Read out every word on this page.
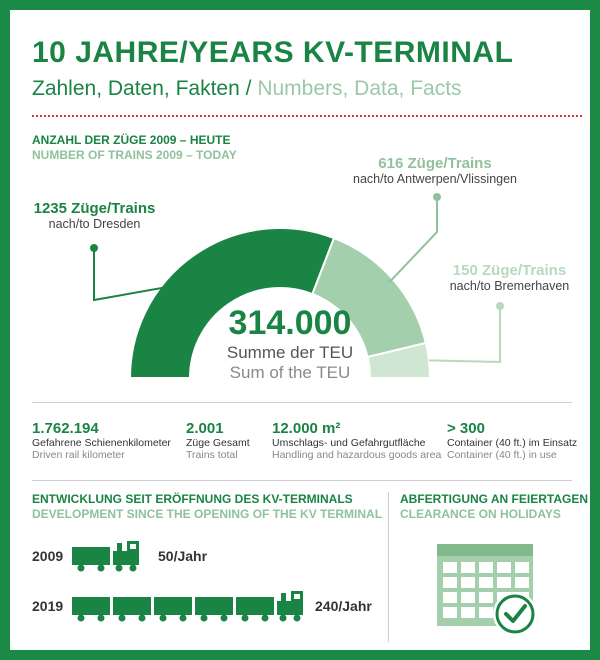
10 JAHRE/YEARS KV-TERMINAL
Zahlen, Daten, Fakten / Numbers, Data, Facts
ANZAHL DER ZÜGE 2009 – HEUTE
NUMBER OF TRAINS 2009 – TODAY
1235 Züge/Trains
nach/to Dresden
616 Züge/Trains
nach/to Antwerpen/Vlissingen
150 Züge/Trains
nach/to Bremerhaven
314.000
Summe der TEU
Sum of the TEU
1.762.194
Gefahrene Schienenkilometer
Driven rail kilometer
2.001
Züge Gesamt
Trains total
12.000 m²
Umschlags- und Gefahrgutfläche
Handling and hazardous goods area
> 300
Container (40 ft.) im Einsatz
Container (40 ft.) in use
ENTWICKLUNG SEIT ERÖFFNUNG DES KV-TERMINALS
DEVELOPMENT SINCE THE OPENING OF THE KV TERMINAL
2009	50/Jahr
2019	240/Jahr
ABFERTIGUNG AN FEIERTAGEN
CLEARANCE ON HOLIDAYS
